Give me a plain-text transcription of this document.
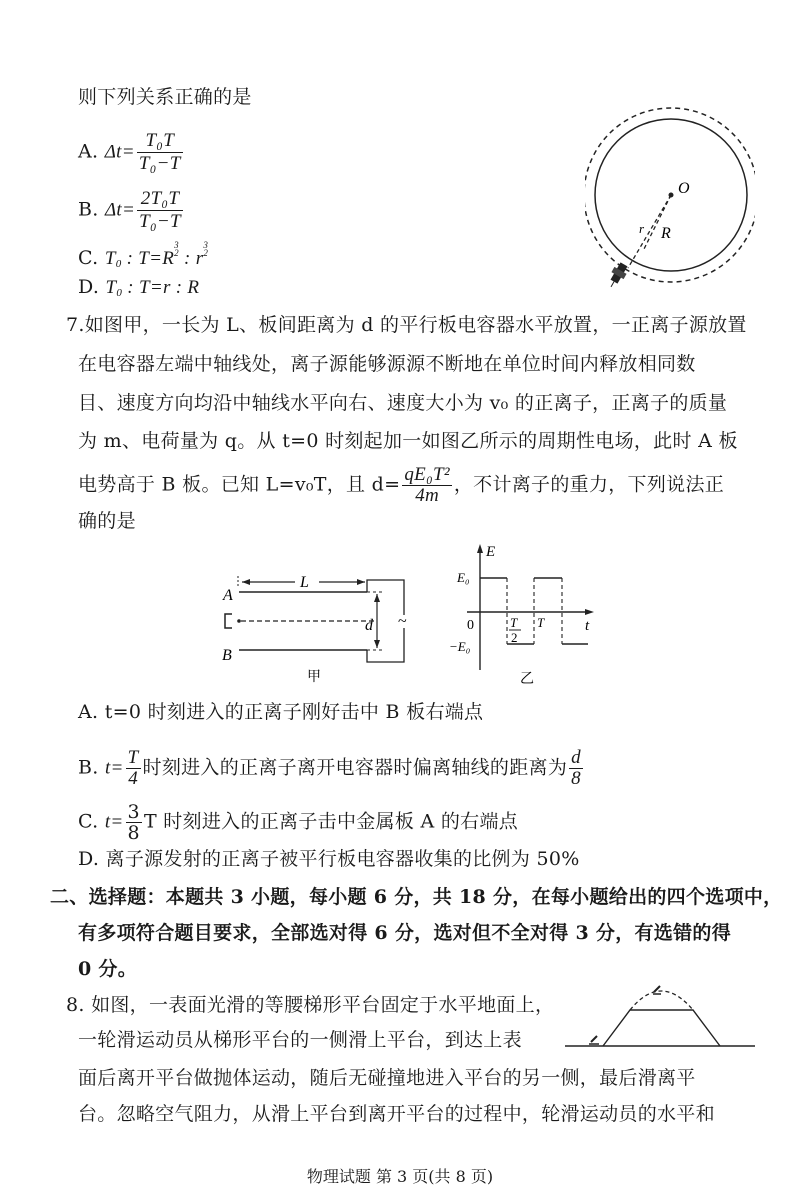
则下列关系正确的是
A. $\Delta t= \frac{\text{T₀T}}{\text{T₀−T}}$
B. $\Delta t= \frac{\text{2T₀T}}{\text{T₀−T}}$
C. $T_0$ : T=R
3
2 : r
3
2
D. $T_0$ : T=r : R
O
r R
7.如图甲，一长为 L、板间距离为 d 的平行板电容器水平放置，一正离子源放置
在电容器左端中轴线处，离子源能够源源不断地在单位时间内释放相同数
目、速度方向均沿中轴线水平向右、速度大小为 v₀ 的正离子，正离子的质量
为 m、电荷量为 q。从 t=0 时刻起加一如图乙所示的周期性电场，此时 A 板
电势高于 B 板。已知 L=v₀T，且 $d= \frac{\text{qE₀T²}}{4m}$ ，不计离子的重力，下列说法正
确的是
~
L
d
A
B
甲
E
t
E₀
−E₀
0	T
2
T
乙
A. t=0 时刻进入的正离子刚好击中 B 板右端点
B. $t= \frac{T}{4}$ 时刻进入的正离子离开电容器时偏离轴线的距离为 $\frac{d}{8}$
C. $t= \frac{3}{8}$ T 时刻进入的正离子击中金属板 A 的右端点
D. 离子源发射的正离子被平行板电容器收集的比例为 50%
二、选择题：本题共 3 小题，每小题 6 分，共 18 分，在每小题给出的四个选项中，
有多项符合题目要求，全部选对得 6 分，选对但不全对得 3 分，有选错的得
0 分。
8. 如图，一表面光滑的等腰梯形平台固定于水平地面上，
一轮滑运动员从梯形平台的一侧滑上平台，到达上表
面后离开平台做抛体运动，随后无碰撞地进入平台的另一侧，最后滑离平
台。忽略空气阻力，从滑上平台到离开平台的过程中，轮滑运动员的水平和
物理试题 第 3 页(共 8 页)
